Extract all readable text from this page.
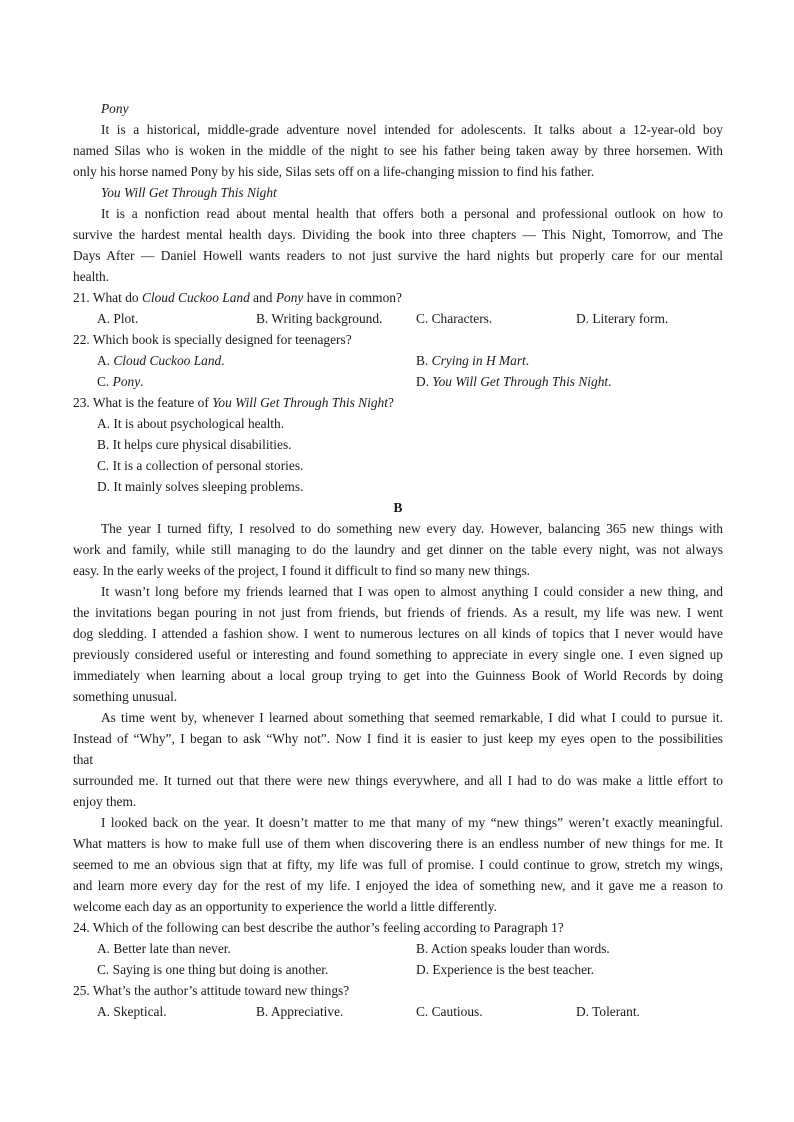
Pony
It is a historical, middle-grade adventure novel intended for adolescents. It talks about a 12-year-old boy
named Silas who is woken in the middle of the night to see his father being taken away by three horsemen. With
only his horse named Pony by his side, Silas sets off on a life-changing mission to find his father.
You Will Get Through This Night
It is a nonfiction read about mental health that offers both a personal and professional outlook on how to
survive the hardest mental health days. Dividing the book into three chapters — This Night, Tomorrow, and The
Days After — Daniel Howell wants readers to not just survive the hard nights but properly care for our mental
health.
21. What do Cloud Cuckoo Land and Pony have in common?
A. Plot.	B. Writing background.	C. Characters.	D. Literary form.
22. Which book is specially designed for teenagers?
A. Cloud Cuckoo Land.	B. Crying in H Mart.
C. Pony.	D. You Will Get Through This Night.
23. What is the feature of You Will Get Through This Night?
A. It is about psychological health.
B. It helps cure physical disabilities.
C. It is a collection of personal stories.
D. It mainly solves sleeping problems.
B
The year I turned fifty, I resolved to do something new every day. However, balancing 365 new things with
work and family, while still managing to do the laundry and get dinner on the table every night, was not always
easy. In the early weeks of the project, I found it difficult to find so many new things.
It wasn’t long before my friends learned that I was open to almost anything I could consider a new thing, and
the invitations began pouring in not just from friends, but friends of friends. As a result, my life was new. I went
dog sledding. I attended a fashion show. I went to numerous lectures on all kinds of topics that I never would have
previously considered useful or interesting and found something to appreciate in every single one. I even signed up
immediately when learning about a local group trying to get into the Guinness Book of World Records by doing
something unusual.
As time went by, whenever I learned about something that seemed remarkable, I did what I could to pursue it.
Instead of “Why”, I began to ask “Why not”. Now I find it is easier to just keep my eyes open to the possibilities
that
surrounded me. It turned out that there were new things everywhere, and all I had to do was make a little effort to
enjoy them.
I looked back on the year. It doesn’t matter to me that many of my “new things” weren’t exactly meaningful.
What matters is how to make full use of them when discovering there is an endless number of new things for me. It
seemed to me an obvious sign that at fifty, my life was full of promise. I could continue to grow, stretch my wings,
and learn more every day for the rest of my life. I enjoyed the idea of something new, and it gave me a reason to
welcome each day as an opportunity to experience the world a little differently.
24. Which of the following can best describe the author’s feeling according to Paragraph 1?
A. Better late than never.	B. Action speaks louder than words.
C. Saying is one thing but doing is another.	D. Experience is the best teacher.
25. What’s the author’s attitude toward new things?
A. Skeptical.	B. Appreciative.	C. Cautious.	D. Tolerant.
